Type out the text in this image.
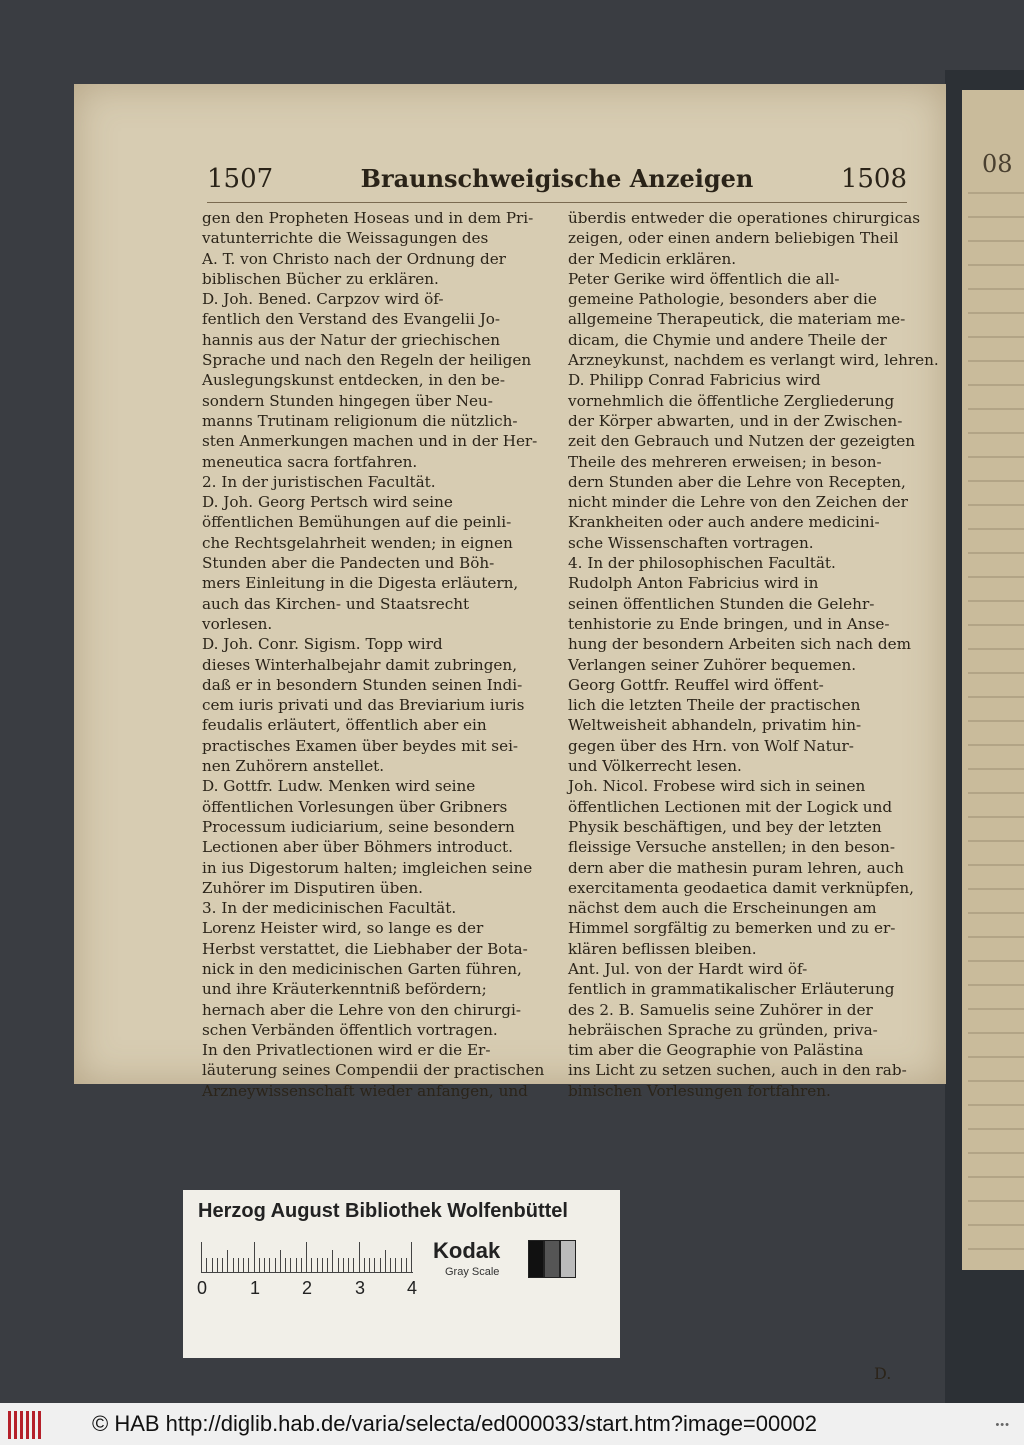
08
1507	Braunschweigische Anzeigen	1508
gen den Propheten Hoseas und in dem Pri-
vatunterrichte die Weissagungen des
A. T. von Christo nach der Ordnung der
biblischen Bücher zu erklären.
D. Joh. Bened. Carpzov wird öf-
fentlich den Verstand des Evangelii Jo-
hannis aus der Natur der griechischen
Sprache und nach den Regeln der heiligen
Auslegungskunst entdecken, in den be-
sondern Stunden hingegen über Neu-
manns Trutinam religionum die nützlich-
sten Anmerkungen machen und in der Her-
meneutica sacra fortfahren.
2. In der juristischen Facultät.
D. Joh. Georg Pertsch wird seine
öffentlichen Bemühungen auf die peinli-
che Rechtsgelahrheit wenden; in eignen
Stunden aber die Pandecten und Böh-
mers Einleitung in die Digesta erläutern,
auch das Kirchen- und Staatsrecht
vorlesen.
D. Joh. Conr. Sigism. Topp wird
dieses Winterhalbejahr damit zubringen,
daß er in besondern Stunden seinen Indi-
cem iuris privati und das Breviarium iuris
feudalis erläutert, öffentlich aber ein
practisches Examen über beydes mit sei-
nen Zuhörern anstellet.
D. Gottfr. Ludw. Menken wird seine
öffentlichen Vorlesungen über Gribners
Processum iudiciarium, seine besondern
Lectionen aber über Böhmers introduct.
in ius Digestorum halten; imgleichen seine
Zuhörer im Disputiren üben.
3. In der medicinischen Facultät.
Lorenz Heister wird, so lange es der
Herbst verstattet, die Liebhaber der Bota-
nick in den medicinischen Garten führen,
und ihre Kräuterkenntniß befördern;
hernach aber die Lehre von den chirurgi-
schen Verbänden öffentlich vortragen.
In den Privatlectionen wird er die Er-
läuterung seines Compendii der practischen
Arzneywissenschaft wieder anfangen, und
überdis entweder die operationes chirurgicas
zeigen, oder einen andern beliebigen Theil
der Medicin erklären.
Peter Gerike wird öffentlich die all-
gemeine Pathologie, besonders aber die
allgemeine Therapeutick, die materiam me-
dicam, die Chymie und andere Theile der
Arzneykunst, nachdem es verlangt wird, lehren.
D. Philipp Conrad Fabricius wird
vornehmlich die öffentliche Zergliederung
der Körper abwarten, und in der Zwischen-
zeit den Gebrauch und Nutzen der gezeigten
Theile des mehreren erweisen; in beson-
dern Stunden aber die Lehre von Recepten,
nicht minder die Lehre von den Zeichen der
Krankheiten oder auch andere medicini-
sche Wissenschaften vortragen.
4. In der philosophischen Facultät.
Rudolph Anton Fabricius wird in
seinen öffentlichen Stunden die Gelehr-
tenhistorie zu Ende bringen, und in Anse-
hung der besondern Arbeiten sich nach dem
Verlangen seiner Zuhörer bequemen.
Georg Gottfr. Reuffel wird öffent-
lich die letzten Theile der practischen
Weltweisheit abhandeln, privatim hin-
gegen über des Hrn. von Wolf Natur-
und Völkerrecht lesen.
Joh. Nicol. Frobese wird sich in seinen
öffentlichen Lectionen mit der Logick und
Physik beschäftigen, und bey der letzten
fleissige Versuche anstellen; in den beson-
dern aber die mathesin puram lehren, auch
exercitamenta geodaetica damit verknüpfen,
nächst dem auch die Erscheinungen am
Himmel sorgfältig zu bemerken und zu er-
klären beflissen bleiben.
Ant. Jul. von der Hardt wird öf-
fentlich in grammatikalischer Erläuterung
des 2. B. Samuelis seine Zuhörer in der
hebräischen Sprache zu gründen, priva-
tim aber die Geographie von Palästina
ins Licht zu setzen suchen, auch in den rab-
binischen Vorlesungen fortfahren.
D.
Herzog August Bibliothek Wolfenbüttel
0 1 2 3 4
Kodak
Gray Scale
© HAB http://diglib.hab.de/varia/selecta/ed000033/start.htm?image=00002	•••
